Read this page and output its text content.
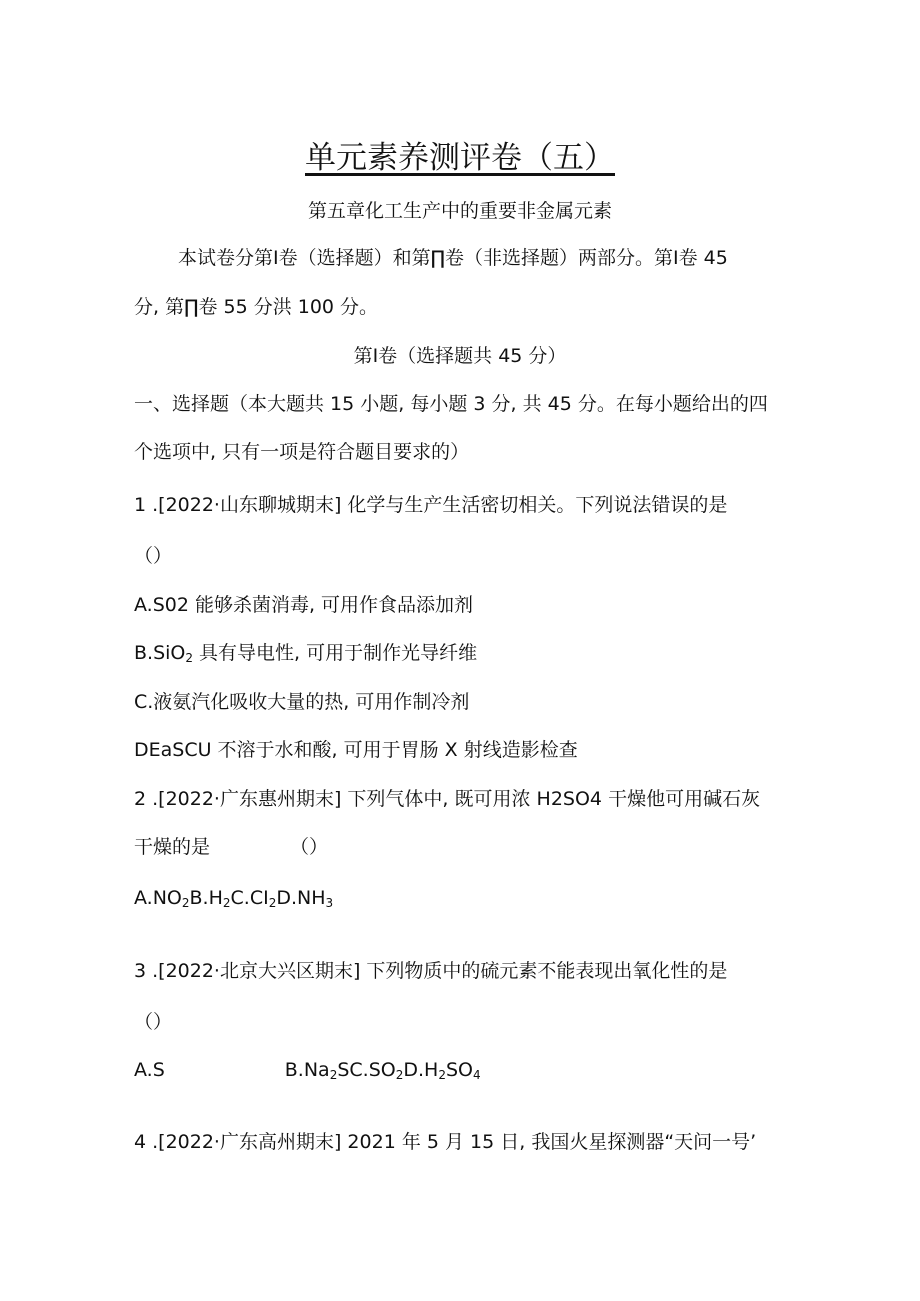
单元素养测评卷（五）
第五章化工生产中的重要非金属元素
本试卷分第Ⅰ卷（选择题）和第∏卷（非选择题）两部分。第Ⅰ卷 45
分, 第∏卷 55 分洪 100 分。
第Ⅰ卷（选择题共 45 分）
一、选择题（本大题共 15 小题, 每小题 3 分, 共 45 分。在每小题给出的四
个选项中, 只有一项是符合题目要求的）
1 .[2022·山东聊城期末] 化学与生产生活密切相关。下列说法错误的是
（）
A.S02 能够杀菌消毒, 可用作食品添加剂
B.SiO$_2$ 具有导电性, 可用于制作光导纤维
C.液氨汽化吸收大量的热, 可用作制冷剂
DEaSCU 不溶于水和酸, 可用于胃肠 X 射线造影检查
2 .[2022·广东惠州期末] 下列气体中, 既可用浓 H2SO4 干燥他可用碱石灰
干燥的是	（）
$A.NO_2B.H_2C.CI_2D.NH_3$
3 .[2022·北京大兴区期末] 下列物质中的硫元素不能表现出氧化性的是
（）
A.S	$B.Na_2SC.SO_2D.H_2SO_4$
4 .[2022·广东高州期末] 2021 年 5 月 15 日, 我国火星探测器“天问一号’
